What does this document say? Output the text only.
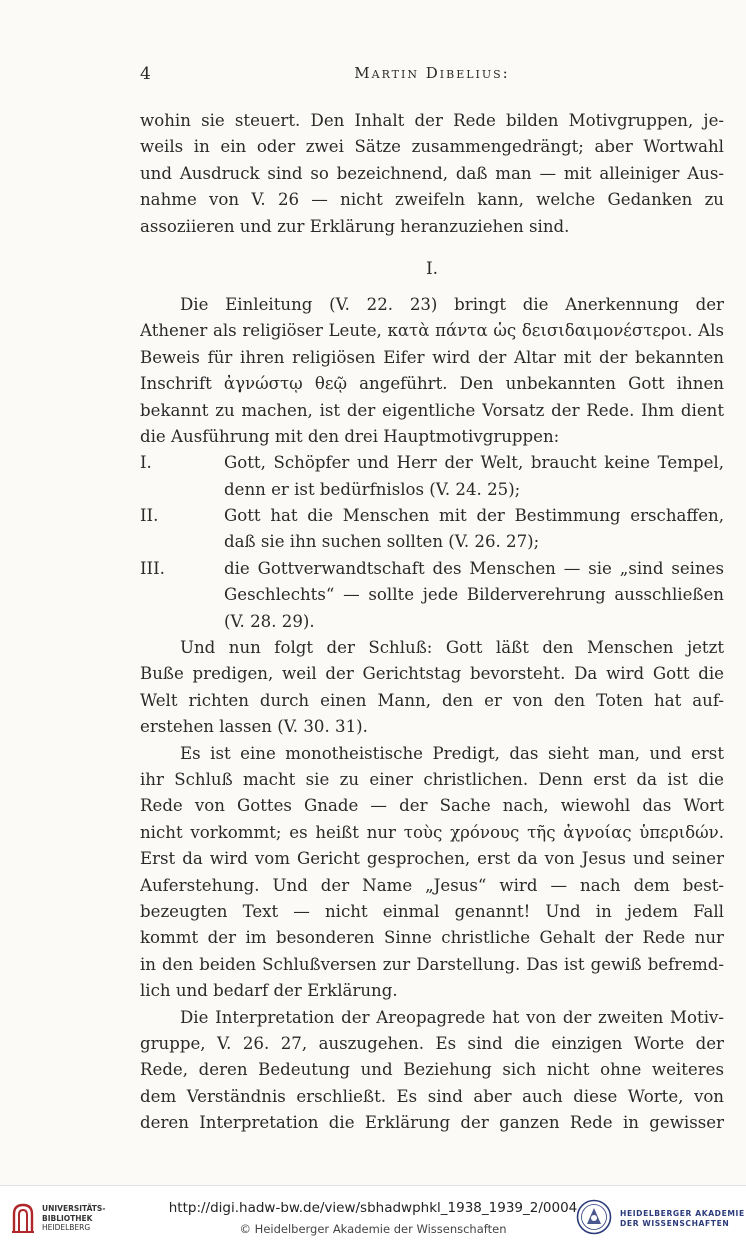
4	Martin Dibelius:
wohin sie steuert. Den Inhalt der Rede bilden Motivgruppen, je-
weils in ein oder zwei Sätze zusammengedrängt; aber Wortwahl
und Ausdruck sind so bezeichnend, daß man — mit alleiniger Aus-
nahme von V. 26 — nicht zweifeln kann, welche Gedanken zu
assoziieren und zur Erklärung heranzuziehen sind.
I.
Die Einleitung (V. 22. 23) bringt die Anerkennung der
Athener als religiöser Leute, κατὰ πάντα ὡς δεισιδαιμονέστεροι. Als
Beweis für ihren religiösen Eifer wird der Altar mit der bekannten
Inschrift ἀγνώστῳ θεῷ angeführt. Den unbekannten Gott ihnen
bekannt zu machen, ist der eigentliche Vorsatz der Rede. Ihm dient
die Ausführung mit den drei Hauptmotivgruppen:
I.	Gott, Schöpfer und Herr der Welt, braucht keine Tempel,
denn er ist bedürfnislos (V. 24. 25);
II.	Gott hat die Menschen mit der Bestimmung erschaffen,
daß sie ihn suchen sollten (V. 26. 27);
III.	die Gottverwandtschaft des Menschen — sie „sind seines
Geschlechts“ — sollte jede Bilderverehrung ausschließen
(V. 28. 29).
Und nun folgt der Schluß: Gott läßt den Menschen jetzt
Buße predigen, weil der Gerichtstag bevorsteht. Da wird Gott die
Welt richten durch einen Mann, den er von den Toten hat auf-
erstehen lassen (V. 30. 31).
Es ist eine monotheistische Predigt, das sieht man, und erst
ihr Schluß macht sie zu einer christlichen. Denn erst da ist die
Rede von Gottes Gnade — der Sache nach, wiewohl das Wort
nicht vorkommt; es heißt nur τοὺς χρόνους τῆς ἀγνοίας ὑπεριδών.
Erst da wird vom Gericht gesprochen, erst da von Jesus und seiner
Auferstehung. Und der Name „Jesus“ wird — nach dem best-
bezeugten Text — nicht einmal genannt! Und in jedem Fall
kommt der im besonderen Sinne christliche Gehalt der Rede nur
in den beiden Schlußversen zur Darstellung. Das ist gewiß befremd-
lich und bedarf der Erklärung.
Die Interpretation der Areopagrede hat von der zweiten Motiv-
gruppe, V. 26. 27, auszugehen. Es sind die einzigen Worte der
Rede, deren Bedeutung und Beziehung sich nicht ohne weiteres
dem Verständnis erschließt. Es sind aber auch diese Worte, von
deren Interpretation die Erklärung der ganzen Rede in gewisser
UNIVERSITÄTS-
BIBLIOTHEK
HEIDELBERG
http://digi.hadw-bw.de/view/sbhadwphkl_1938_1939_2/0004
© Heidelberger Akademie der Wissenschaften
HEIDELBERGER AKADEMIE
DER WISSENSCHAFTEN
